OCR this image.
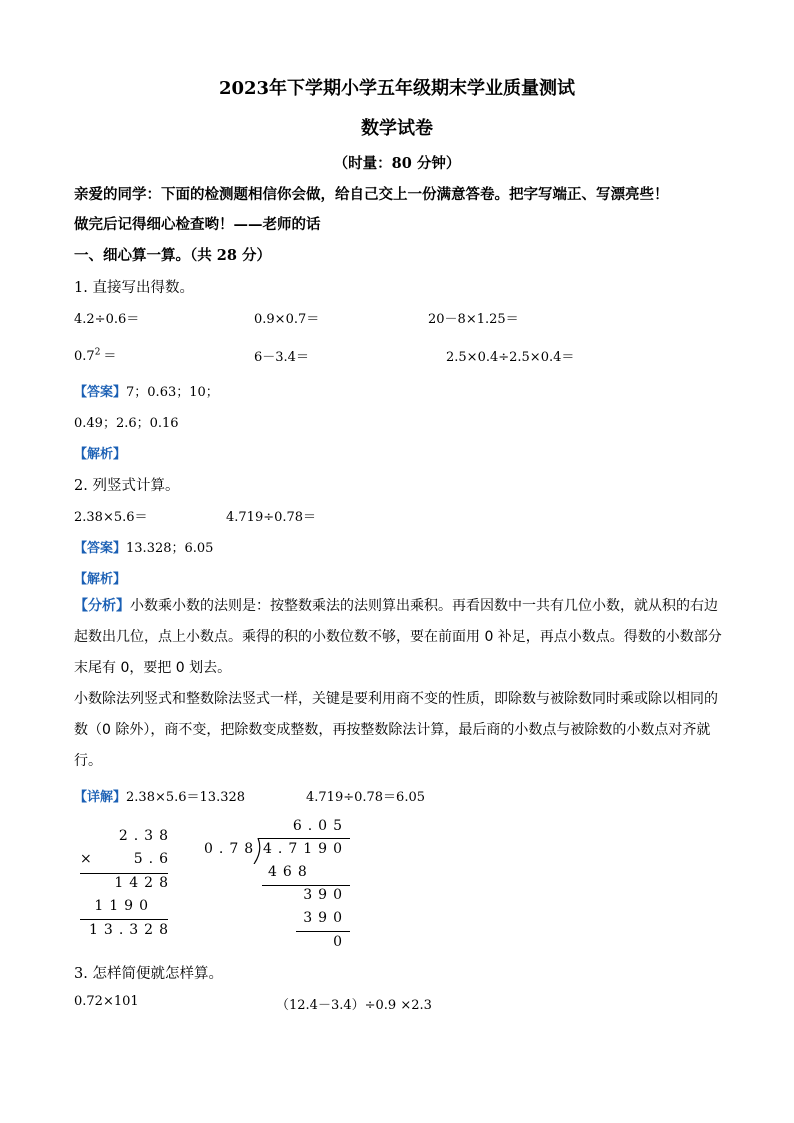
2023年下学期小学五年级期末学业质量测试
数学试卷
（时量：80 分钟）
亲爱的同学：下面的检测题相信你会做，给自己交上一份满意答卷。把字写端正、写漂亮些！
做完后记得细心检查哟！——老师的话
一、细心算一算。（共 28 分）
1. 直接写出得数。
4.2÷0.6＝	0.9×0.7＝	20－8×1.25＝
$0.7^2$ ＝	6－3.4＝	2.5×0.4÷2.5×0.4＝
【答案】7；0.63；10；
0.49；2.6；0.16
【解析】
2. 列竖式计算。
2.38×5.6＝	4.719÷0.78＝
【答案】13.328；6.05
【解析】
【分析】小数乘小数的法则是：按整数乘法的法则算出乘积。再看因数中一共有几位小数，就从积的右边
起数出几位，点上小数点。乘得的积的小数位数不够，要在前面用 0 补足，再点小数点。得数的小数部分
末尾有 0，要把 0 划去。
小数除法列竖式和整数除法竖式一样，关键是要利用商不变的性质，即除数与被除数同时乘或除以相同的
数（0 除外），商不变，把除数变成整数，再按整数除法计算，最后商的小数点与被除数的小数点对齐就
行。
【详解】2.38×5.6＝13.328	4.719÷0.78＝6.05
2.38
×	5.6
1428
1190
13.328
6.05
0.78 4.7190
468
390
390
0
3. 怎样简便就怎样算。
0.72×101	（12.4－3.4）÷0.9 ×2.3
